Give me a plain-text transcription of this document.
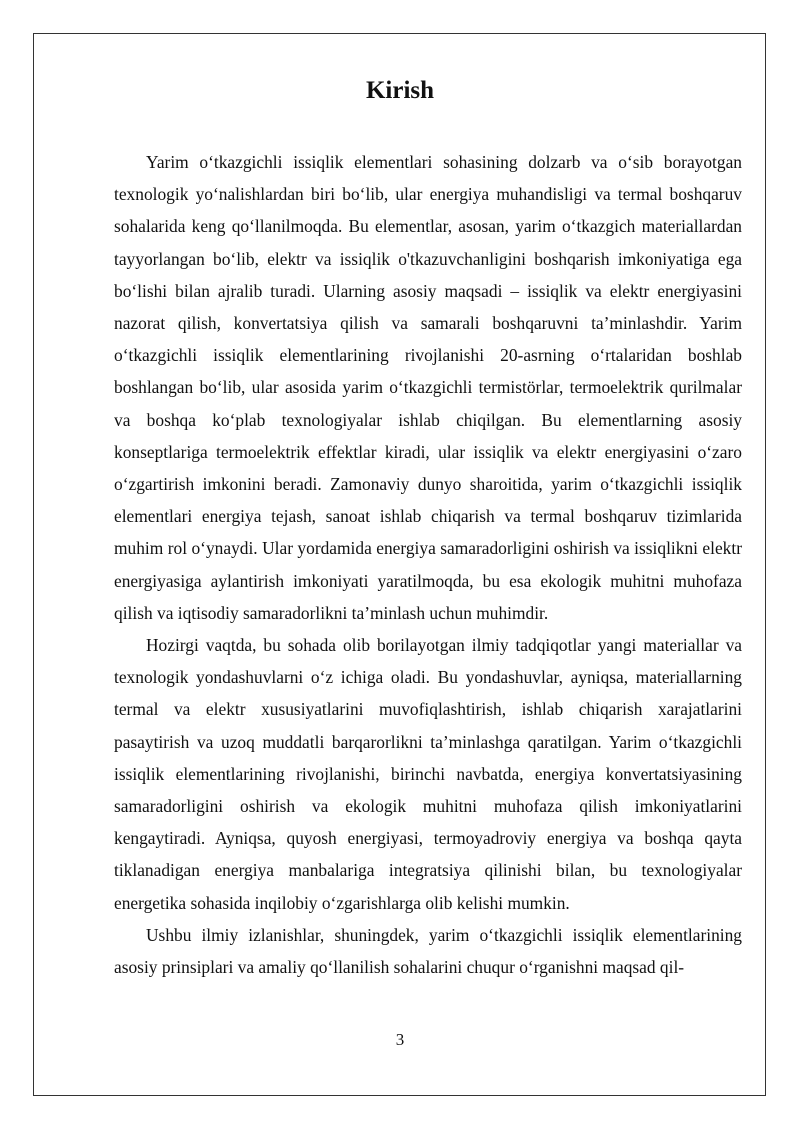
Kirish

Yarim o‘tkazgichli issiqlik elementlari sohasining dolzarb va o‘sib borayotgan texnologik yo‘nalishlardan biri bo‘lib, ular energiya muhandisligi va termal boshqaruv sohalarida keng qo‘llanilmoqda. Bu elementlar, asosan, yarim o‘tkazgich materiallardan tayyorlangan bo‘lib, elektr va issiqlik o'tkazuvchanligini boshqarish imkoniyatiga ega bo‘lishi bilan ajralib turadi. Ularning asosiy maqsadi – issiqlik va elektr energiyasini nazorat qilish, konvertatsiya qilish va samarali boshqaruvni ta’minlashdir. Yarim o‘tkazgichli issiqlik elementlarining rivojlanishi 20-asrning o‘rtalaridan boshlab boshlangan bo‘lib, ular asosida yarim o‘tkazgichli termistörlar, termoelektrik qurilmalar va boshqa ko‘plab texnologiyalar ishlab chiqilgan. Bu elementlarning asosiy konseptlariga termoelektrik effektlar kiradi, ular issiqlik va elektr energiyasini o‘zaro o‘zgartirish imkonini beradi. Zamonaviy dunyo sharoitida, yarim o‘tkazgichli issiqlik elementlari energiya tejash, sanoat ishlab chiqarish va termal boshqaruv tizimlarida muhim rol o‘ynaydi. Ular yordamida energiya samaradorligini oshirish va issiqlikni elektr energiyasiga aylantirish imkoniyati yaratilmoqda, bu esa ekologik muhitni muhofaza qilish va iqtisodiy samaradorlikni ta’minlash uchun muhimdir.

Hozirgi vaqtda, bu sohada olib borilayotgan ilmiy tadqiqotlar yangi materiallar va texnologik yondashuvlarni o‘z ichiga oladi. Bu yondashuvlar, ayniqsa, materiallarning termal va elektr xususiyatlarini muvofiqlashtirish, ishlab chiqarish xarajatlarini pasaytirish va uzoq muddatli barqarorlikni ta’minlashga qaratilgan. Yarim o‘tkazgichli issiqlik elementlarining rivojlanishi, birinchi navbatda, energiya konvertatsiyasining samaradorligini oshirish va ekologik muhitni muhofaza qilish imkoniyatlarini kengaytiradi. Ayniqsa, quyosh energiyasi, termoyadroviy energiya va boshqa qayta tiklanadigan energiya manbalariga integratsiya qilinishi bilan, bu texnologiyalar energetika sohasida inqilobiy o‘zgarishlarga olib kelishi mumkin.

Ushbu ilmiy izlanishlar, shuningdek, yarim o‘tkazgichli issiqlik elementlarining asosiy prinsiplari va amaliy qo‘llanilish sohalarini chuqur o‘rganishni maqsad qil-

3
